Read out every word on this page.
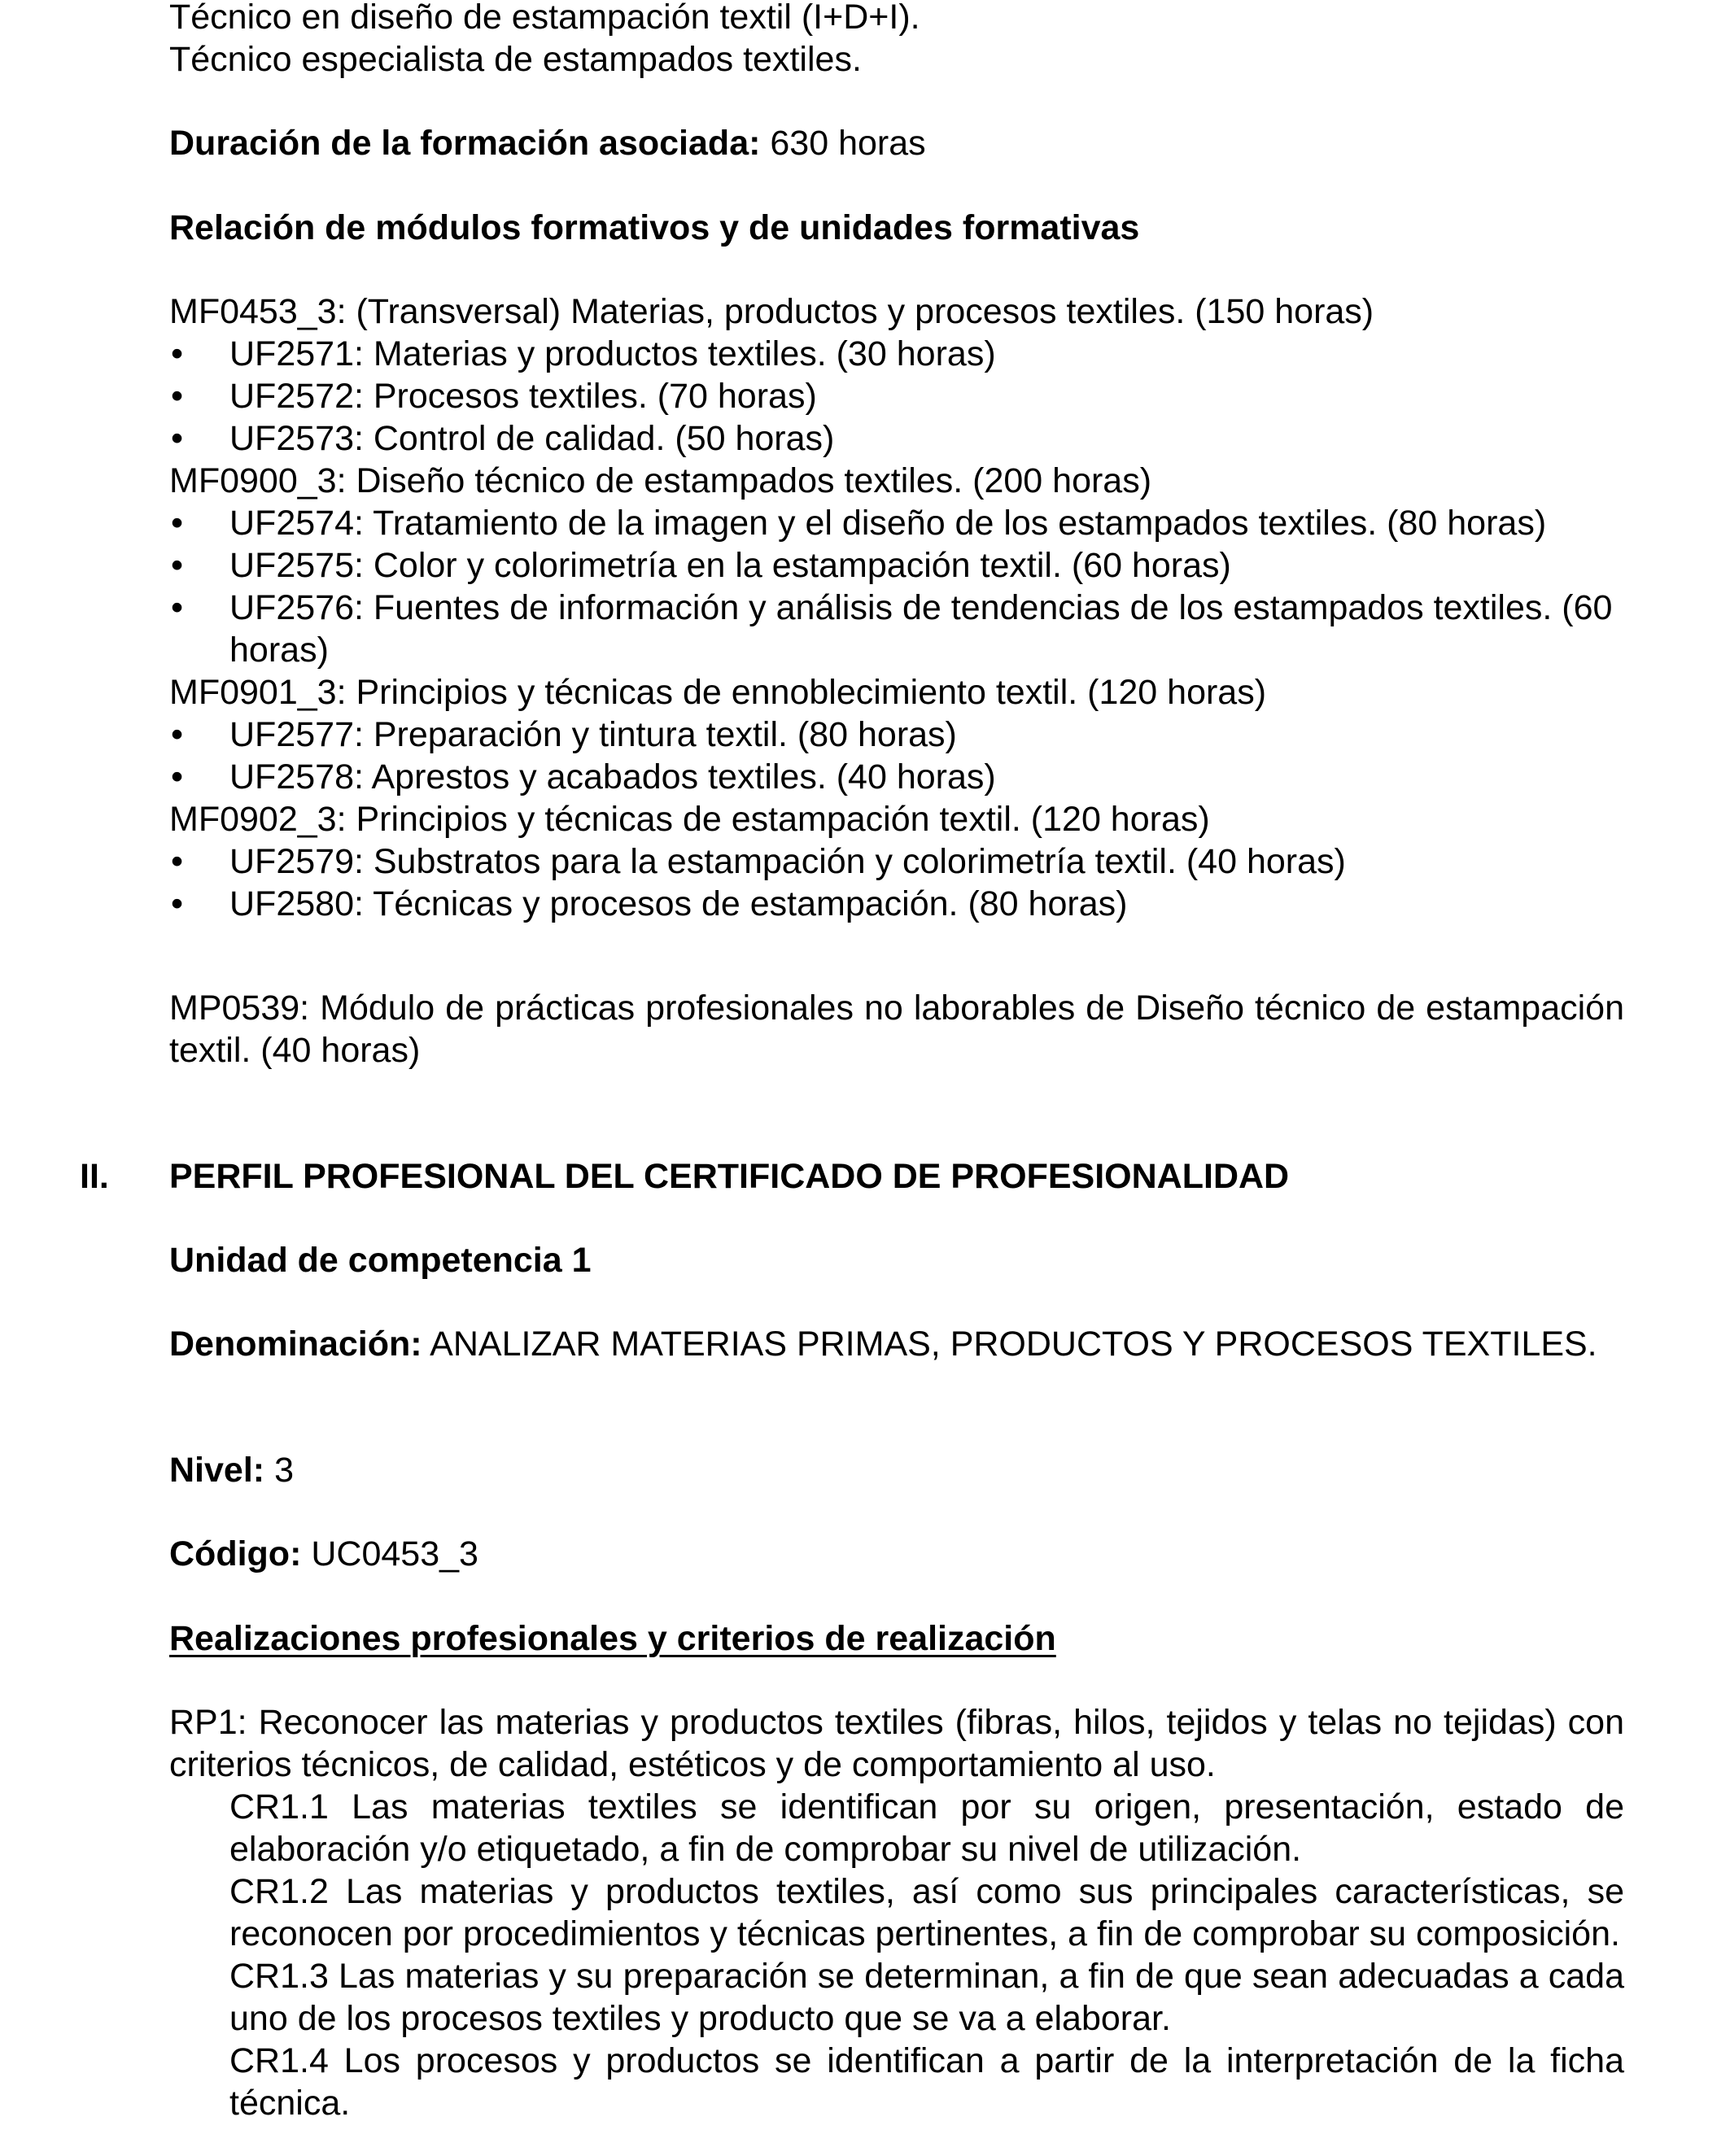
Técnico en diseño de estampación textil (I+D+I).

Técnico especialista de estampados textiles.

Duración de la formación asociada: 630 horas
Relación de módulos formativos y de unidades formativas

MF0453_3: (Transversal) Materias, productos y procesos textiles. (150 horas)

• UF2571: Materias y productos textiles. (30 horas)

• UF2572: Procesos textiles. (70 horas)

• UF2573: Control de calidad. (50 horas)

MF0900_3: Diseño técnico de estampados textiles. (200 horas)

• UF2574: Tratamiento de la imagen y el diseño de los estampados textiles. (80 horas)

• UF2575: Color y colorimetría en la estampación textil. (60 horas)

• UF2576: Fuentes de información y análisis de tendencias de los estampados textiles. (60 horas)

MF0901_3: Principios y técnicas de ennoblecimiento textil. (120 horas)

• UF2577: Preparación y tintura textil. (80 horas)

• UF2578: Aprestos y acabados textiles. (40 horas)

MF0902_3: Principios y técnicas de estampación textil. (120 horas)

• UF2579: Substratos para la estampación y colorimetría textil. (40 horas)

• UF2580: Técnicas y procesos de estampación. (80 horas)

MP0539: Módulo de prácticas profesionales no laborables de Diseño técnico de estampación textil. (40 horas)
II. PERFIL PROFESIONAL DEL CERTIFICADO DE PROFESIONALIDAD
Unidad de competencia 1
Denominación: ANALIZAR MATERIAS PRIMAS, PRODUCTOS Y PROCESOS TEXTILES.
Nivel: 3
Código: UC0453_3
Realizaciones profesionales y criterios de realización

RP1: Reconocer las materias y productos textiles (fibras, hilos, tejidos y telas no tejidas) con criterios técnicos, de calidad, estéticos y de comportamiento al uso.

CR1.1 Las materias textiles se identifican por su origen, presentación, estado de elaboración y/o etiquetado, a fin de comprobar su nivel de utilización.

CR1.2 Las materias y productos textiles, así como sus principales características, se reconocen por procedimientos y técnicas pertinentes, a fin de comprobar su composición.

CR1.3 Las materias y su preparación se determinan, a fin de que sean adecuadas a cada uno de los procesos textiles y producto que se va a elaborar.

CR1.4 Los procesos y productos se identifican a partir de la interpretación de la ficha técnica.
